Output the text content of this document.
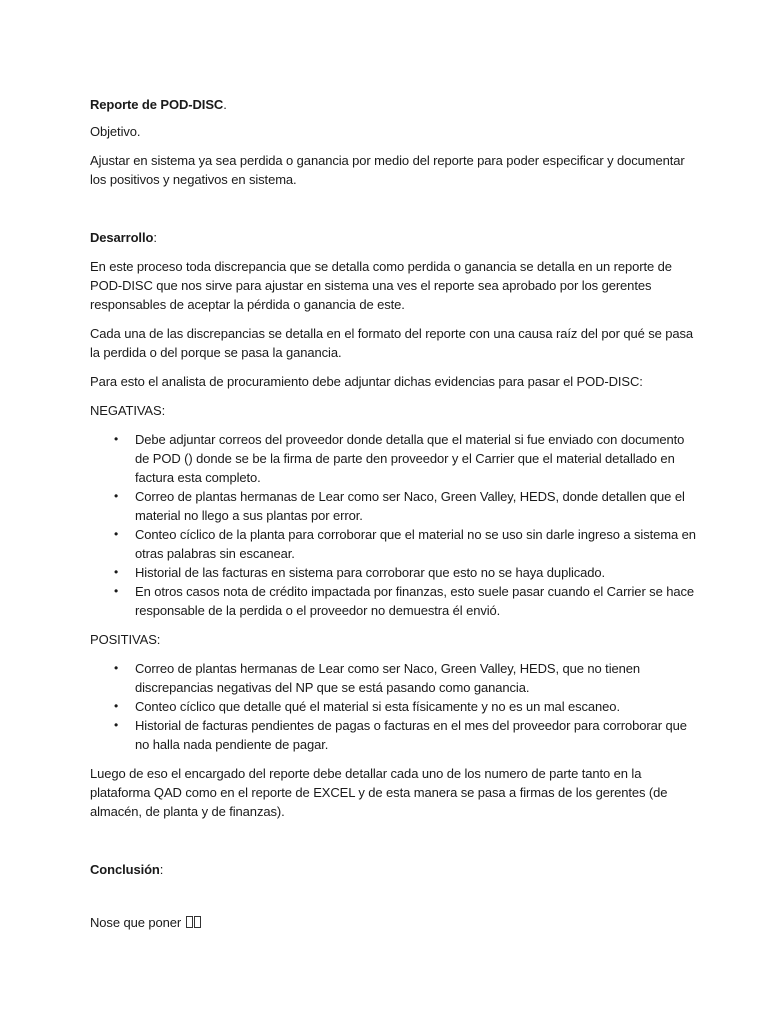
Reporte de POD-DISC.

Objetivo.

Ajustar en sistema ya sea perdida o ganancia por medio del reporte para poder especificar y documentar los positivos y negativos en sistema.

Desarrollo:

En este proceso toda discrepancia que se detalla como perdida o ganancia se detalla en un reporte de POD-DISC que nos sirve para ajustar en sistema una ves el reporte sea aprobado por los gerentes responsables de aceptar la pérdida o ganancia de este.

Cada una de las discrepancias se detalla en el formato del reporte con una causa raíz del por qué se pasa la perdida o del porque se pasa la ganancia.

Para esto el analista de procuramiento debe adjuntar dichas evidencias para pasar el POD-DISC:

NEGATIVAS:

• Debe adjuntar correos del proveedor donde detalla que el material si fue enviado con documento de POD () donde se be la firma de parte den proveedor y el Carrier que el material detallado en factura esta completo.
• Correo de plantas hermanas de Lear como ser Naco, Green Valley, HEDS, donde detallen que el material no llego a sus plantas por error.
• Conteo cíclico de la planta para corroborar que el material no se uso sin darle ingreso a sistema en otras palabras sin escanear.
• Historial de las facturas en sistema para corroborar que esto no se haya duplicado.
• En otros casos nota de crédito impactada por finanzas, esto suele pasar cuando el Carrier se hace responsable de la perdida o el proveedor no demuestra él envió.

POSITIVAS:

• Correo de plantas hermanas de Lear como ser Naco, Green Valley, HEDS, que no tienen discrepancias negativas del NP que se está pasando como ganancia.
• Conteo cíclico que detalle qué el material si esta físicamente y no es un mal escaneo.
• Historial de facturas pendientes de pagas o facturas en el mes del proveedor para corroborar que no halla nada pendiente de pagar.

Luego de eso el encargado del reporte debe detallar cada uno de los numero de parte tanto en la plataforma QAD como en el reporte de EXCEL y de esta manera se pasa a firmas de los gerentes (de almacén, de planta y de finanzas).

Conclusión:

Nose que poner
